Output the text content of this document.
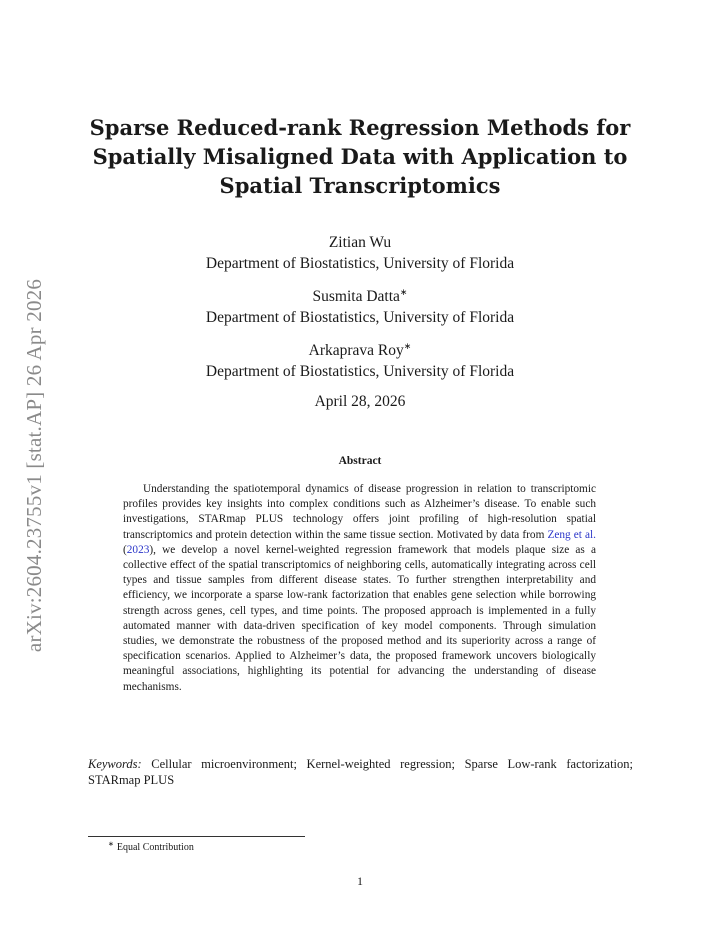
arXiv:2604.23755v1 [stat.AP] 26 Apr 2026
Sparse Reduced-rank Regression Methods for Spatially Misaligned Data with Application to Spatial Transcriptomics
Zitian Wu
Department of Biostatistics, University of Florida
Susmita Datta∗
Department of Biostatistics, University of Florida
Arkaprava Roy∗
Department of Biostatistics, University of Florida
April 28, 2026
Abstract

Understanding the spatiotemporal dynamics of disease progression in relation to transcriptomic profiles provides key insights into complex conditions such as Alzheimer’s disease. To enable such investigations, STARmap PLUS technology offers joint profiling of high-resolution spatial transcriptomics and protein detection within the same tissue section. Motivated by data from Zeng et al. (2023), we develop a novel kernel-weighted regression framework that models plaque size as a collective effect of the spatial transcriptomics of neighboring cells, automatically integrating across cell types and tissue samples from different disease states. To further strengthen interpretability and efficiency, we incorporate a sparse low-rank factorization that enables gene selection while borrowing strength across genes, cell types, and time points. The proposed approach is implemented in a fully automated manner with data-driven specification of key model components. Through simulation studies, we demonstrate the robustness of the proposed method and its superiority across a range of specification scenarios. Applied to Alzheimer’s data, the proposed framework uncovers biologically meaningful associations, highlighting its potential for advancing the understanding of disease mechanisms.

Keywords: Cellular microenvironment; Kernel-weighted regression; Sparse Low-rank factorization; STARmap PLUS

∗ Equal Contribution
1
